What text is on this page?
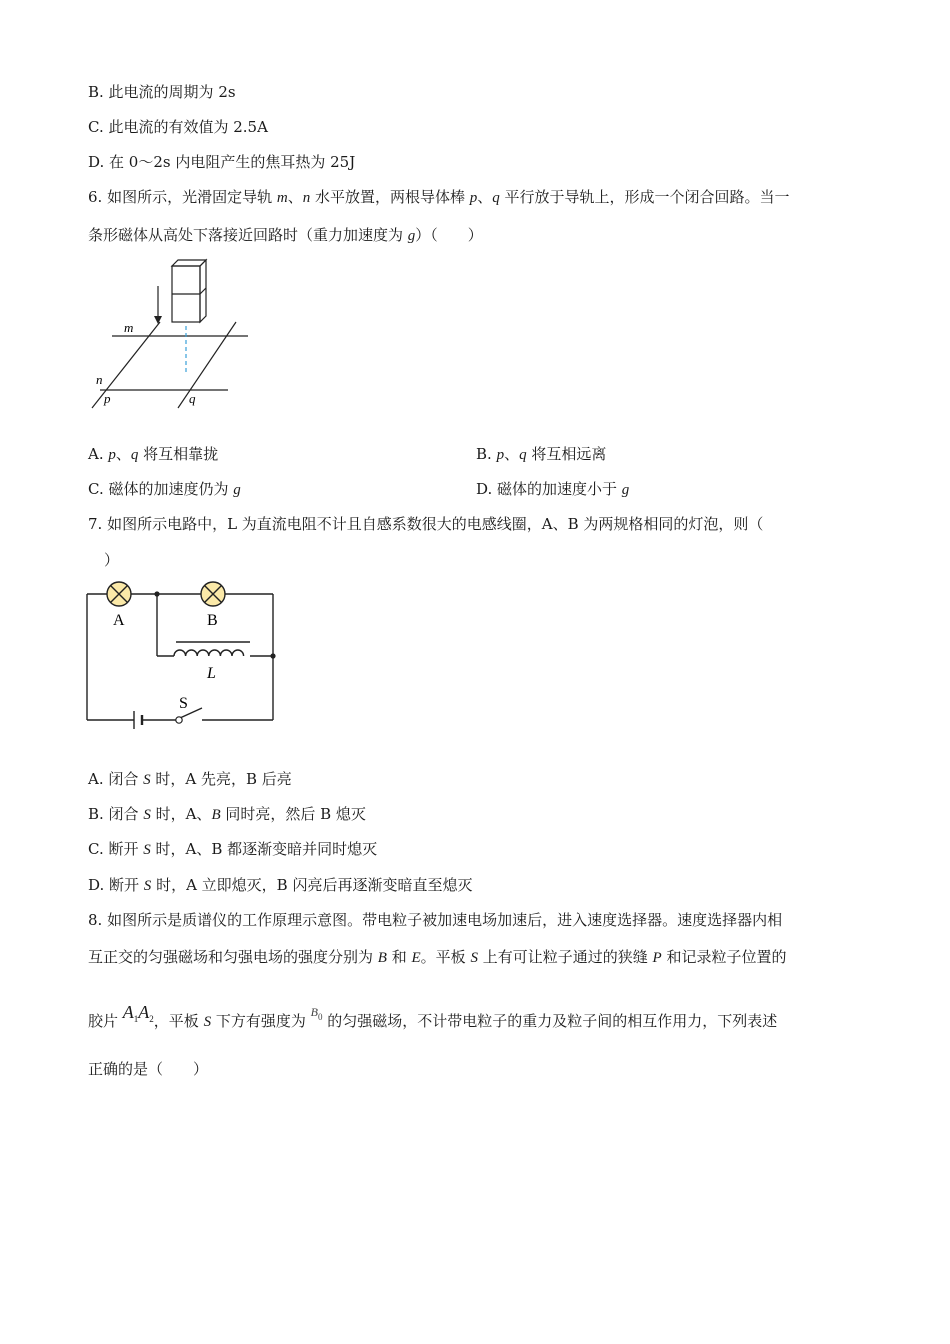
B. 此电流的周期为 2s
C. 此电流的有效值为 2.5A
D. 在 0～2s 内电阻产生的焦耳热为 25J
6. 如图所示，光滑固定导轨 m、n 水平放置，两根导体棒 p、q 平行放于导轨上，形成一个闭合回路。当一
条形磁体从高处下落接近回路时（重力加速度为 g）（　　）
m
n
p	q
A. p、q 将互相靠拢	B. p、q 将互相远离
C. 磁体的加速度仍为 g	D. 磁体的加速度小于 g
7. 如图所示电路中，L 为直流电阻不计且自感系数很大的电感线圈，A、B 为两规格相同的灯泡，则（
）
A	B
L
S
A. 闭合 S 时，A 先亮，B 后亮
B. 闭合 S 时，A、B 同时亮，然后 B 熄灭
C. 断开 S 时，A、B 都逐渐变暗并同时熄灭
D. 断开 S 时，A 立即熄灭，B 闪亮后再逐渐变暗直至熄灭
8. 如图所示是质谱仪的工作原理示意图。带电粒子被加速电场加速后，进入速度选择器。速度选择器内相
互正交的匀强磁场和匀强电场的强度分别为 B 和 E。平板 S 上有可让粒子通过的狭缝 P 和记录粒子位置的
胶片 $A_1A_2$，平板 S 下方有强度为 $^{B_0}$ 的匀强磁场，不计带电粒子的重力及粒子间的相互作用力，下列表述
正确的是（　　）
